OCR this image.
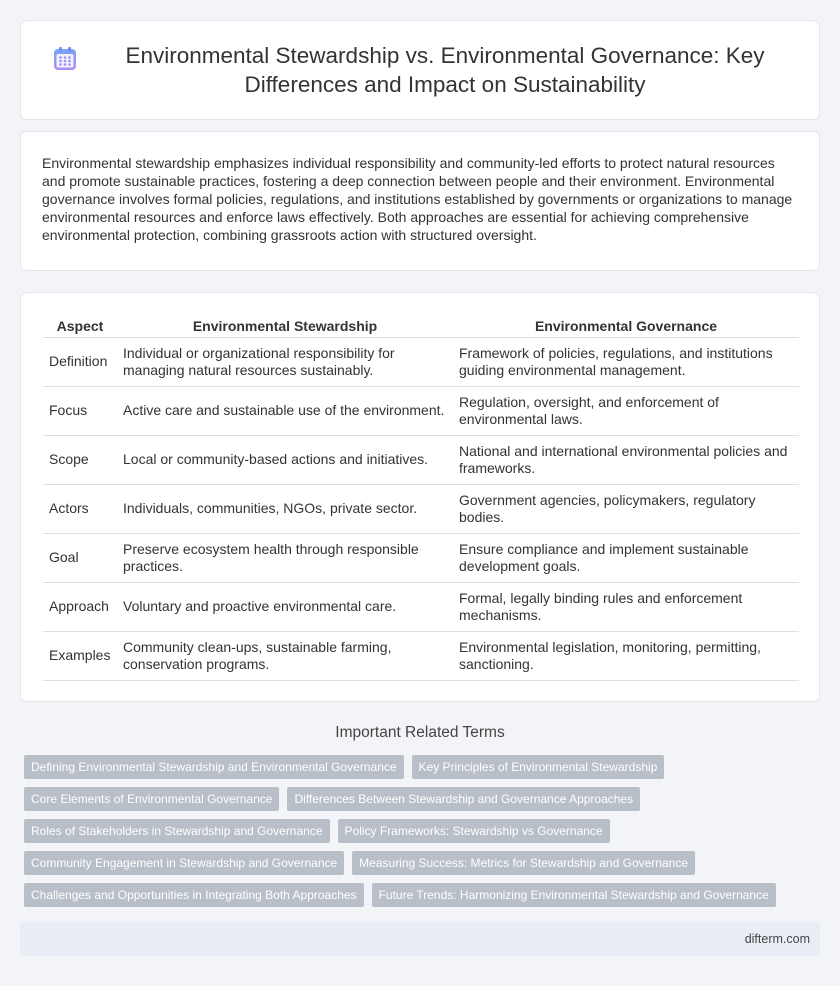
Environmental Stewardship vs. Environmental Governance: Key Differences and Impact on Sustainability

Environmental stewardship emphasizes individual responsibility and community-led efforts to protect natural resources and promote sustainable practices, fostering a deep connection between people and their environment. Environmental governance involves formal policies, regulations, and institutions established by governments or organizations to manage environmental resources and enforce laws effectively. Both approaches are essential for achieving comprehensive environmental protection, combining grassroots action with structured oversight.

Aspect	Environmental Stewardship	Environmental Governance
Definition	Individual or organizational responsibility for managing natural resources sustainably.	Framework of policies, regulations, and institutions guiding environmental management.
Focus	Active care and sustainable use of the environment.	Regulation, oversight, and enforcement of environmental laws.
Scope	Local or community-based actions and initiatives.	National and international environmental policies and frameworks.
Actors	Individuals, communities, NGOs, private sector.	Government agencies, policymakers, regulatory bodies.
Goal	Preserve ecosystem health through responsible practices.	Ensure compliance and implement sustainable development goals.
Approach	Voluntary and proactive environmental care.	Formal, legally binding rules and enforcement mechanisms.
Examples	Community clean-ups, sustainable farming, conservation programs.	Environmental legislation, monitoring, permitting, sanctioning.
Important Related Terms
Defining Environmental Stewardship and Environmental Governance	Key Principles of Environmental Stewardship
Core Elements of Environmental Governance	Differences Between Stewardship and Governance Approaches
Roles of Stakeholders in Stewardship and Governance	Policy Frameworks: Stewardship vs Governance
Community Engagement in Stewardship and Governance	Measuring Success: Metrics for Stewardship and Governance
Challenges and Opportunities in Integrating Both Approaches	Future Trends: Harmonizing Environmental Stewardship and Governance
difterm.com
